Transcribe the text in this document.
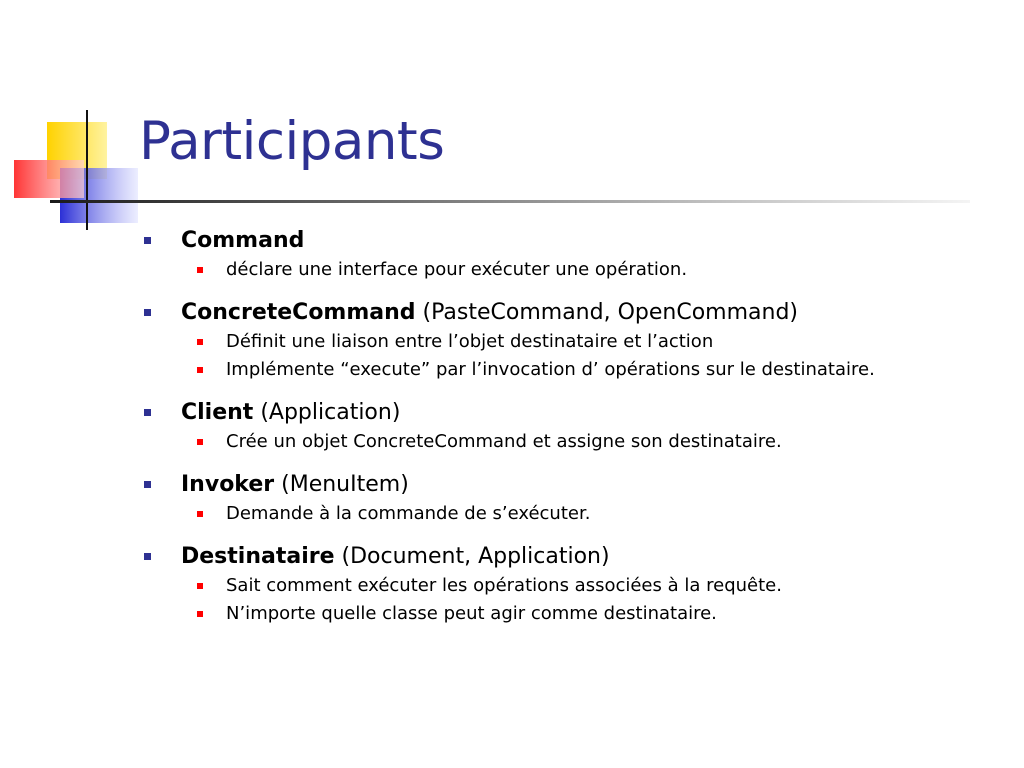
Participants
Command
déclare une interface pour exécuter une opération.
ConcreteCommand (PasteCommand, OpenCommand)
Définit une liaison entre l’objet destinataire et l’action
Implémente “execute” par l’invocation d’ opérations sur le destinataire.
Client (Application)
Crée un objet ConcreteCommand et assigne son destinataire.
Invoker (MenuItem)
Demande à la commande de s’exécuter.
Destinataire (Document, Application)
Sait comment exécuter les opérations associées à la requête.
N’importe quelle classe peut agir comme destinataire.
